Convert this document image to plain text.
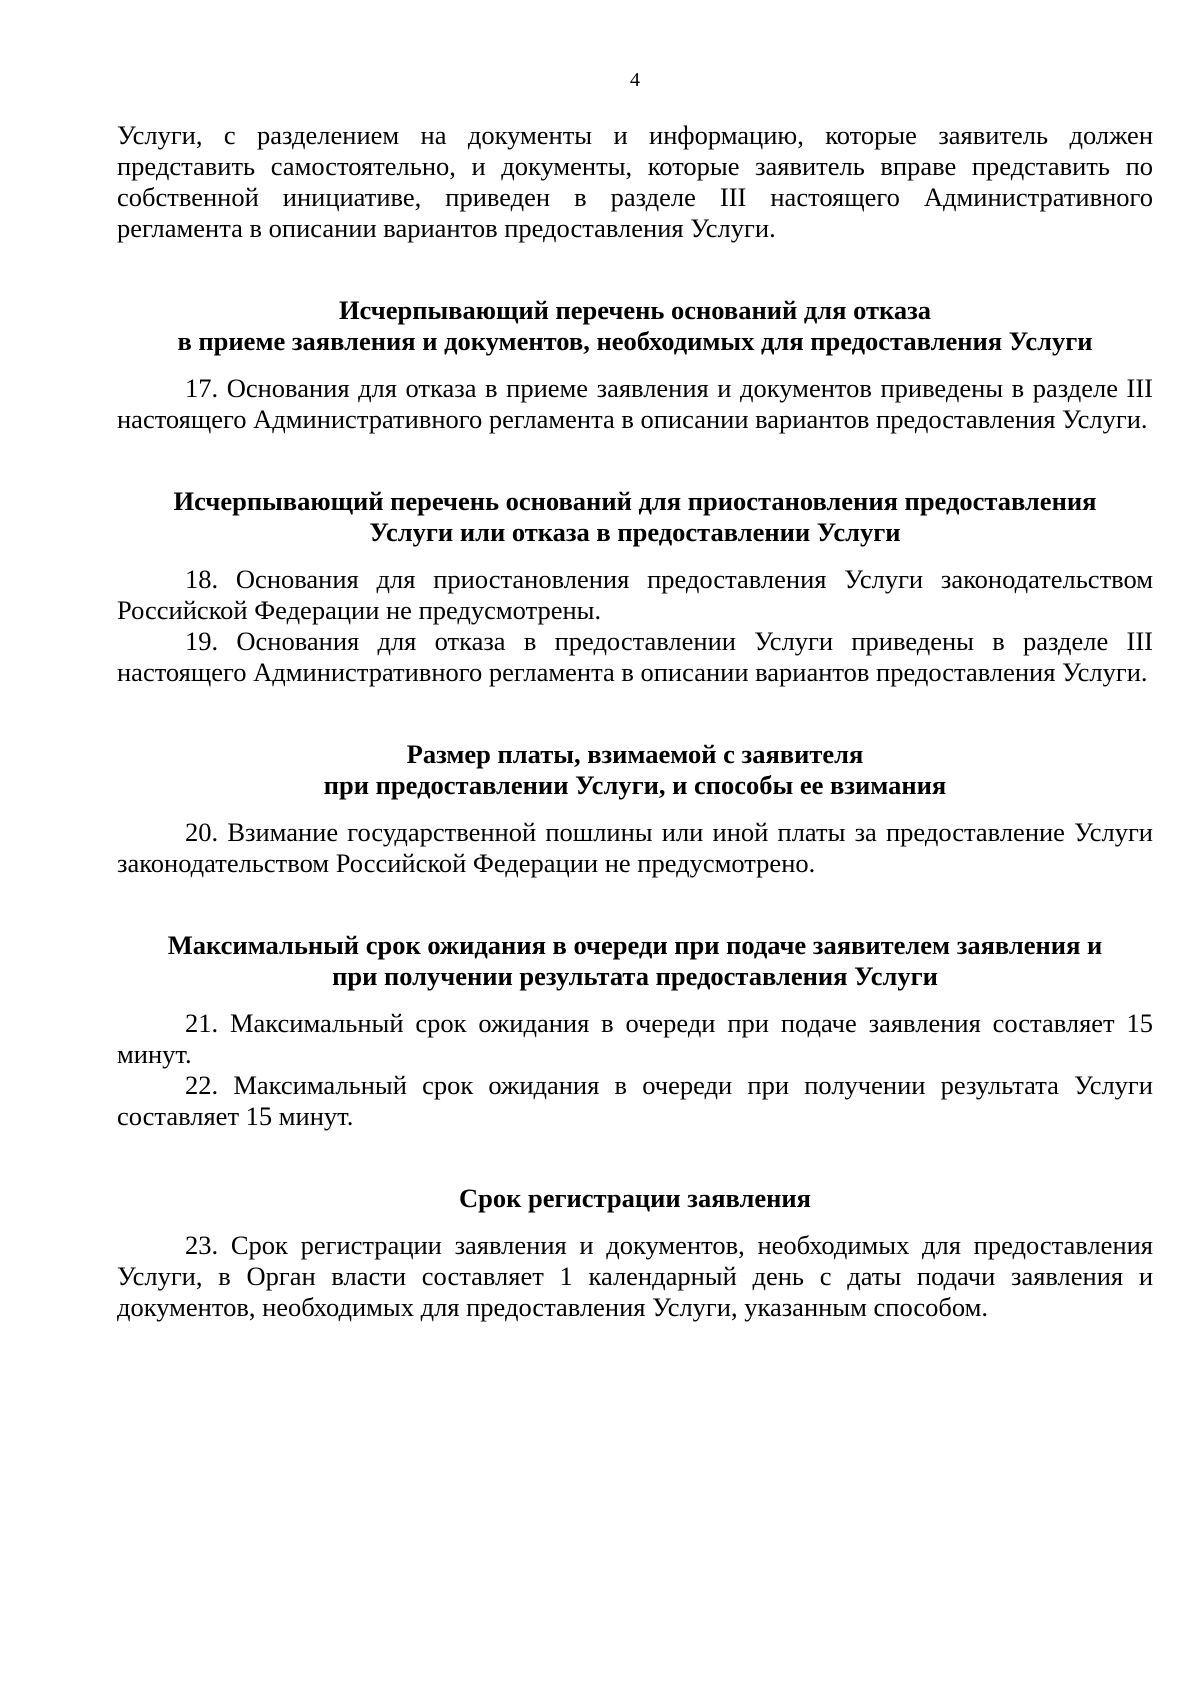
4

Услуги, с разделением на документы и информацию, которые заявитель должен представить самостоятельно, и документы, которые заявитель вправе представить по собственной инициативе, приведен в разделе III настоящего Административного регламента в описании вариантов предоставления Услуги.

Исчерпывающий перечень оснований для отказа
в приеме заявления и документов, необходимых для предоставления Услуги

17. Основания для отказа в приеме заявления и документов приведены в разделе III настоящего Административного регламента в описании вариантов предоставления Услуги.

Исчерпывающий перечень оснований для приостановления предоставления
Услуги или отказа в предоставлении Услуги

18. Основания для приостановления предоставления Услуги законодательством Российской Федерации не предусмотрены.

19. Основания для отказа в предоставлении Услуги приведены в разделе III настоящего Административного регламента в описании вариантов предоставления Услуги.

Размер платы, взимаемой с заявителя
при предоставлении Услуги, и способы ее взимания

20. Взимание государственной пошлины или иной платы за предоставление Услуги законодательством Российской Федерации не предусмотрено.

Максимальный срок ожидания в очереди при подаче заявителем заявления и
при получении результата предоставления Услуги

21. Максимальный срок ожидания в очереди при подаче заявления составляет 15 минут.

22. Максимальный срок ожидания в очереди при получении результата Услуги составляет 15 минут.

Срок регистрации заявления

23. Срок регистрации заявления и документов, необходимых для предоставления Услуги, в Орган власти составляет 1 календарный день с даты подачи заявления и документов, необходимых для предоставления Услуги, указанным способом.
